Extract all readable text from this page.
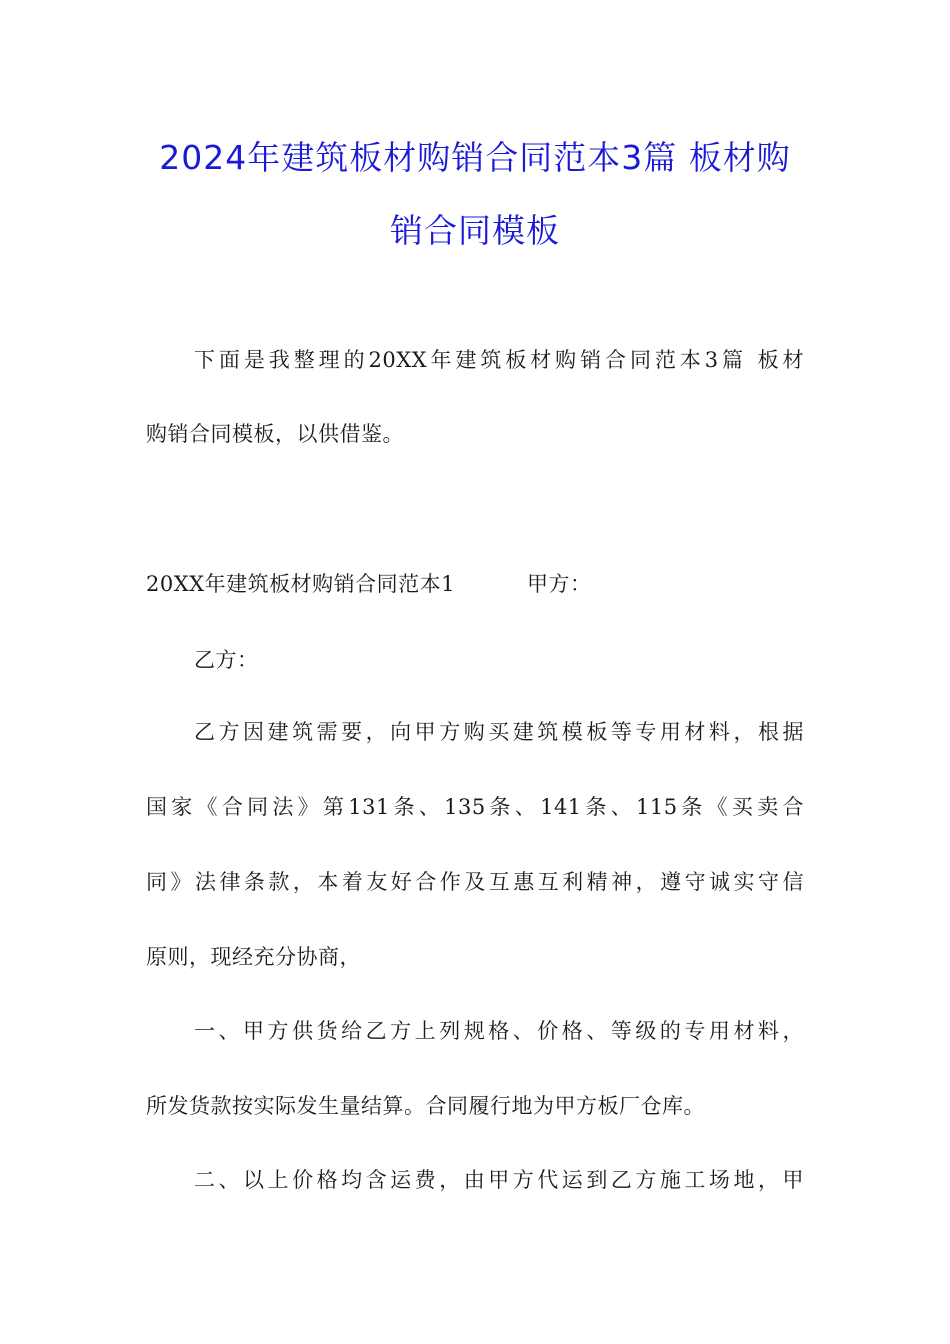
2024年建筑板材购销合同范本3篇 板材购
销合同模板
下面是我整理的20XX年建筑板材购销合同范本3篇 板材
购销合同模板，以供借鉴。
20XX年建筑板材购销合同范本1	甲方：
乙方：
乙方因建筑需要，向甲方购买建筑模板等专用材料，根据
国家《合同法》第131条、135条、141条、115条《买卖合
同》法律条款，本着友好合作及互惠互利精神，遵守诚实守信
原则，现经充分协商，
一、甲方供货给乙方上列规格、价格、等级的专用材料，
所发货款按实际发生量结算。合同履行地为甲方板厂仓库。
二、以上价格均含运费，由甲方代运到乙方施工场地，甲
